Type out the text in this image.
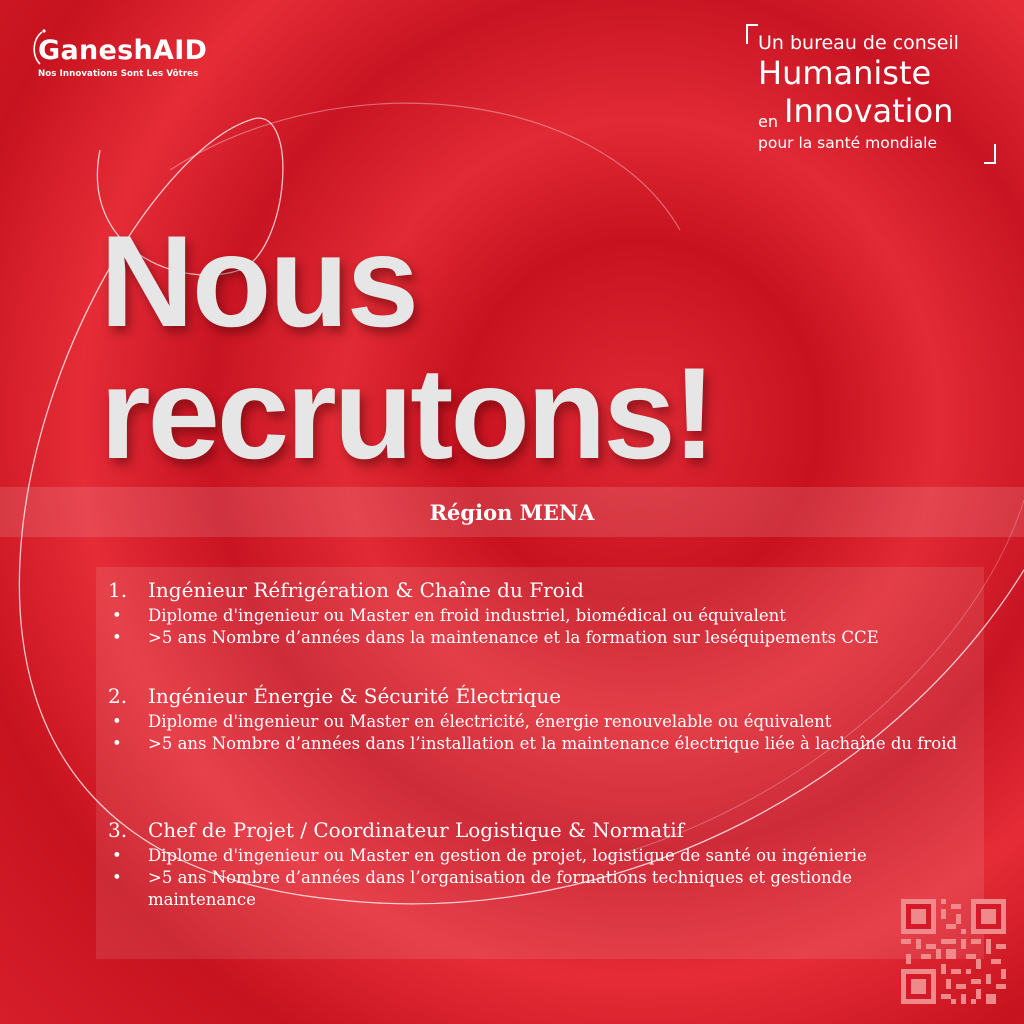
GaneshAID
Nos Innovations Sont Les Vôtres
Un bureau de conseil
Humaniste
en Innovation
pour la santé mondiale
Nous
recrutons!
Région MENA
1. Ingénieur Réfrigération & Chaîne du Froid
• Diplome d'ingenieur ou Master en froid industriel, biomédical ou équivalent
• >5 ans Nombre d’années dans la maintenance et la formation sur leséquipements CCE
2. Ingénieur Énergie & Sécurité Électrique
• Diplome d'ingenieur ou Master en électricité, énergie renouvelable ou équivalent
• >5 ans Nombre d’années dans l’installation et la maintenance électrique liée à lachaîne du froid
3. Chef de Projet / Coordinateur Logistique & Normatif
• Diplome d'ingenieur ou Master en gestion de projet, logistique de santé ou ingénierie
• >5 ans Nombre d’années dans l’organisation de formations techniques et gestionde maintenance
